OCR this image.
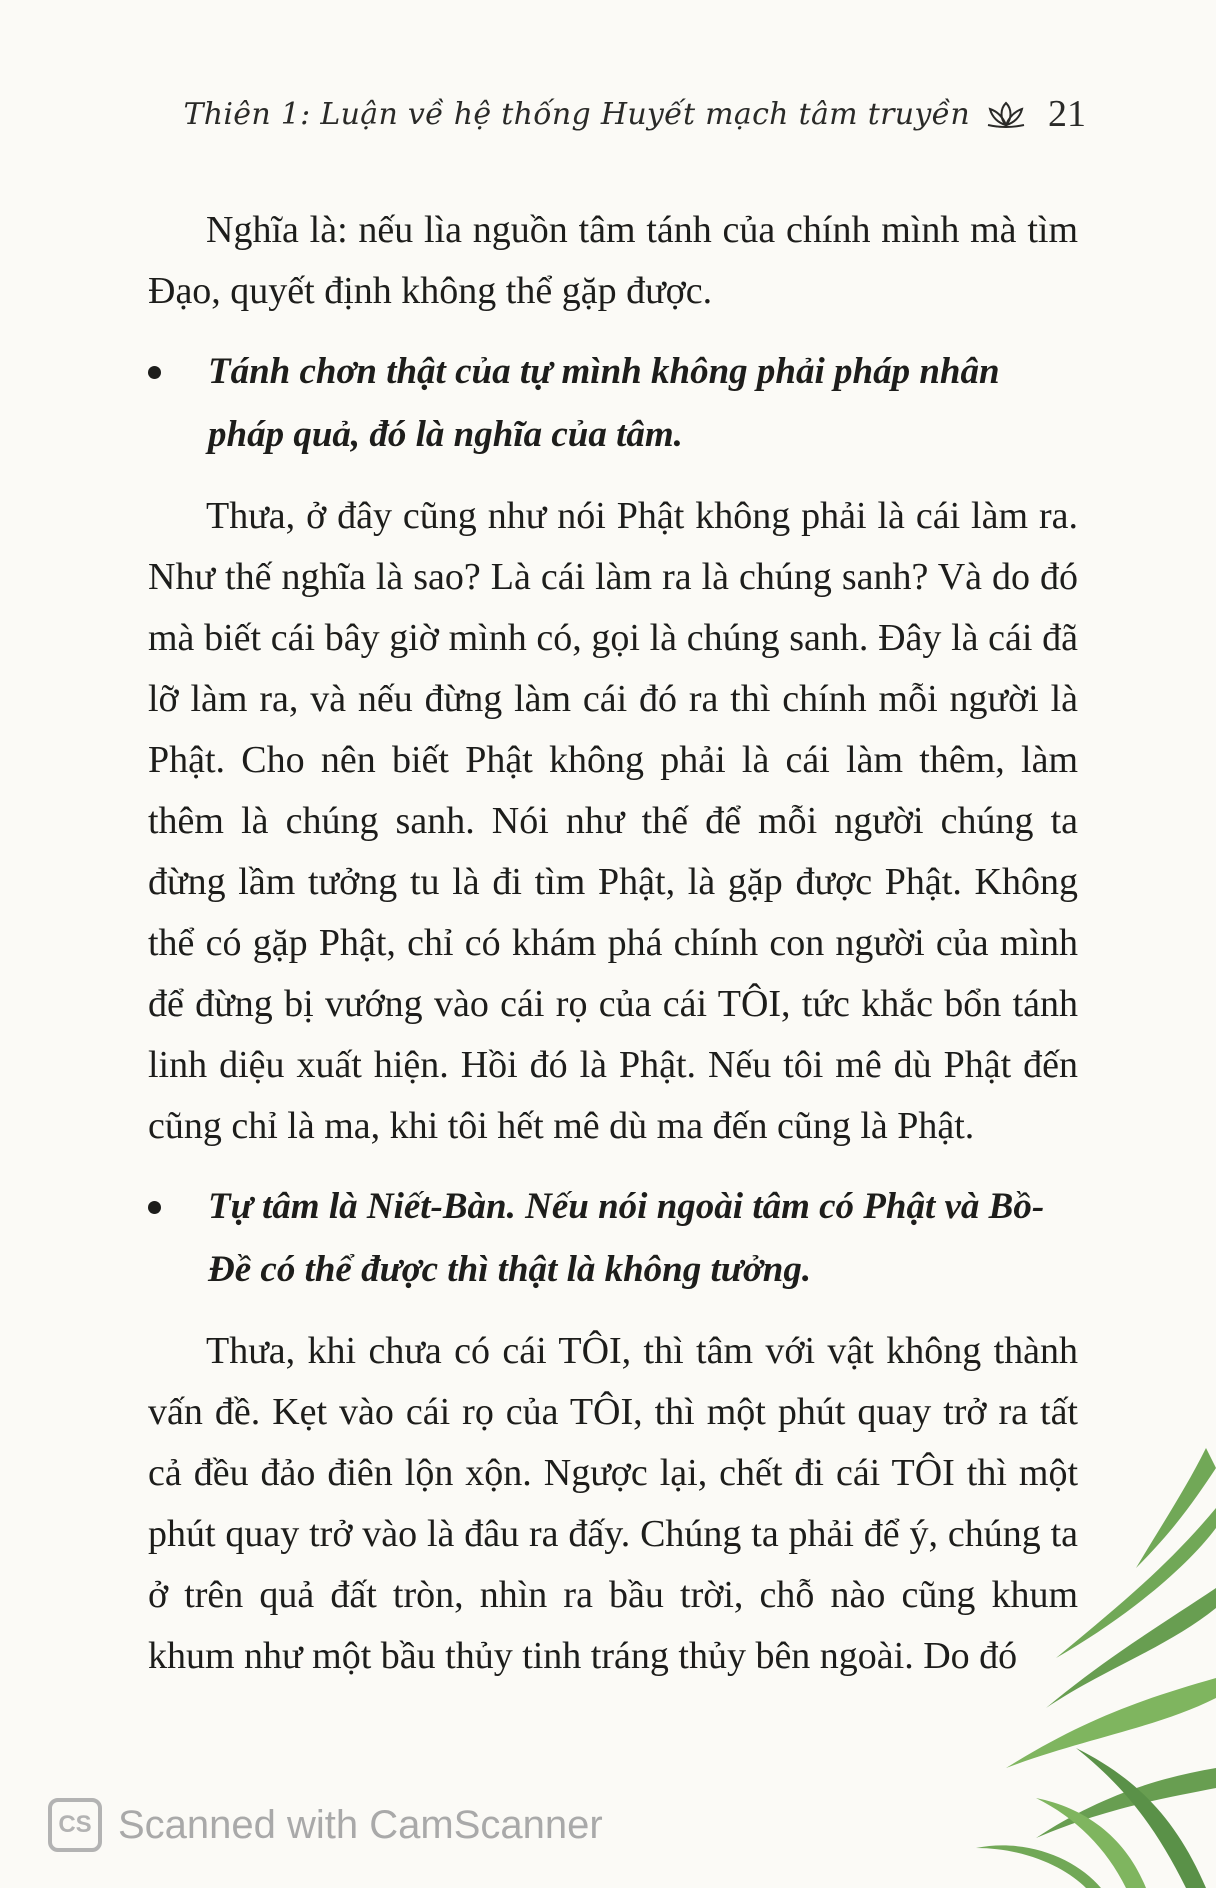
Thiên 1: Luận về hệ thống Huyết mạch tâm truyền 21

Nghĩa là: nếu lìa nguồn tâm tánh của chính mình mà tìm Đạo, quyết định không thể gặp được.

Tánh chơn thật của tự mình không phải pháp nhân pháp quả, đó là nghĩa của tâm.

Thưa, ở đây cũng như nói Phật không phải là cái làm ra. Như thế nghĩa là sao? Là cái làm ra là chúng sanh? Và do đó mà biết cái bây giờ mình có, gọi là chúng sanh. Đây là cái đã lỡ làm ra, và nếu đừng làm cái đó ra thì chính mỗi người là Phật. Cho nên biết Phật không phải là cái làm thêm, làm thêm là chúng sanh. Nói như thế để mỗi người chúng ta đừng lầm tưởng tu là đi tìm Phật, là gặp được Phật. Không thể có gặp Phật, chỉ có khám phá chính con người của mình để đừng bị vướng vào cái rọ của cái TÔI, tức khắc bổn tánh linh diệu xuất hiện. Hồi đó là Phật. Nếu tôi mê dù Phật đến cũng chỉ là ma, khi tôi hết mê dù ma đến cũng là Phật.

Tự tâm là Niết-Bàn. Nếu nói ngoài tâm có Phật và Bồ-Đề có thể được thì thật là không tưởng.

Thưa, khi chưa có cái TÔI, thì tâm với vật không thành vấn đề. Kẹt vào cái rọ của TÔI, thì một phút quay trở ra tất cả đều đảo điên lộn xộn. Ngược lại, chết đi cái TÔI thì một phút quay trở vào là đâu ra đấy. Chúng ta phải để ý, chúng ta ở trên quả đất tròn, nhìn ra bầu trời, chỗ nào cũng khum khum như một bầu thủy tinh tráng thủy bên ngoài. Do đó

CS Scanned with CamScanner
